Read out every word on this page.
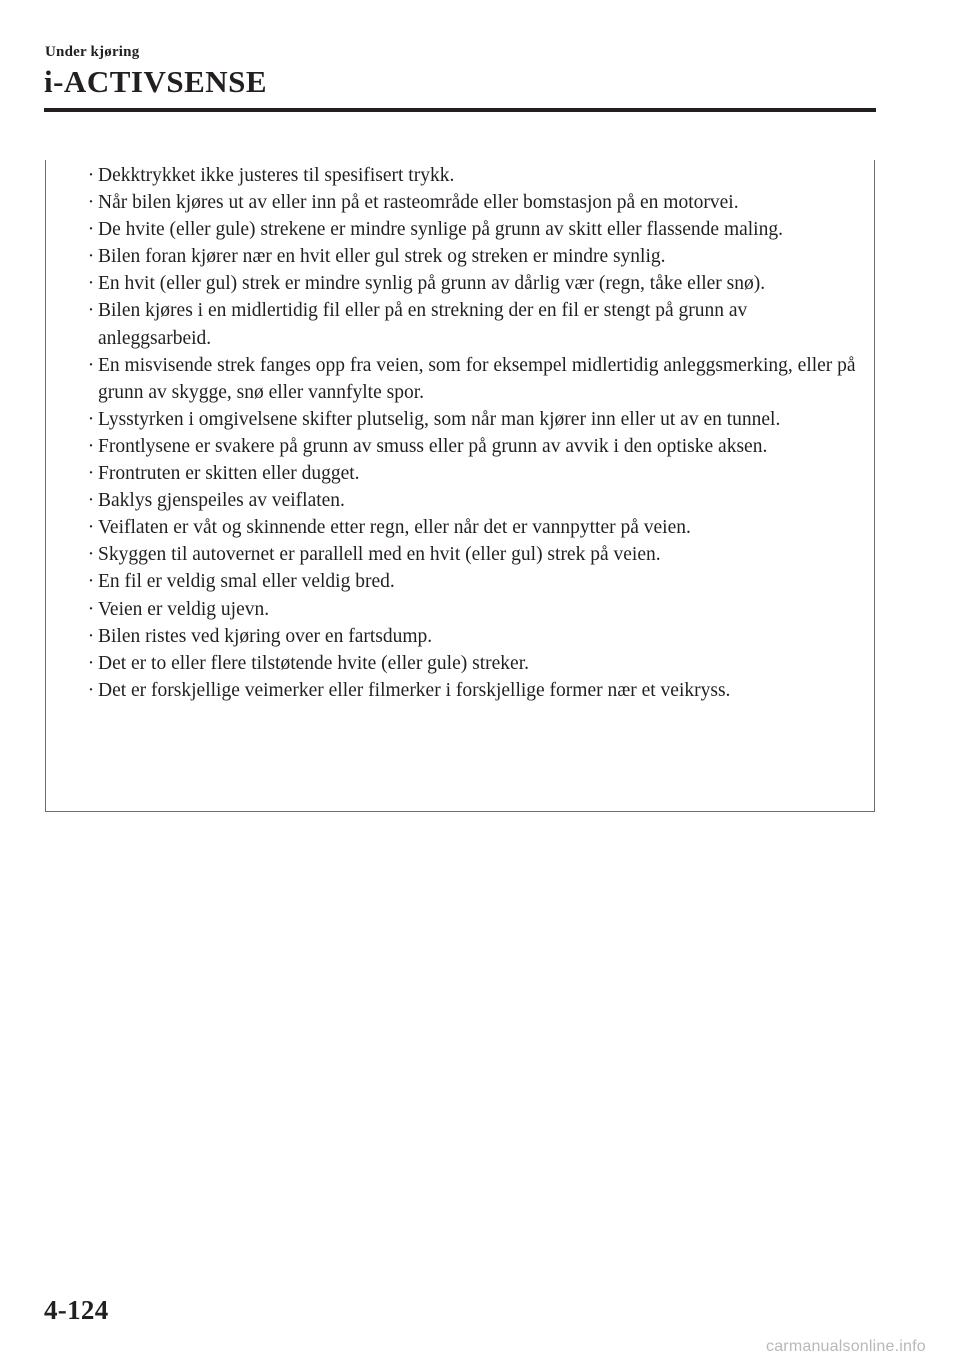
Under kjøring
i-ACTIVSENSE
· Dekktrykket ikke justeres til spesifisert trykk.
· Når bilen kjøres ut av eller inn på et rasteområde eller bomstasjon på en motorvei.
· De hvite (eller gule) strekene er mindre synlige på grunn av skitt eller flassende maling.
· Bilen foran kjører nær en hvit eller gul strek og streken er mindre synlig.
· En hvit (eller gul) strek er mindre synlig på grunn av dårlig vær (regn, tåke eller snø).
· Bilen kjøres i en midlertidig fil eller på en strekning der en fil er stengt på grunn av anleggsarbeid.
· En misvisende strek fanges opp fra veien, som for eksempel midlertidig anleggsmerking, eller på grunn av skygge, snø eller vannfylte spor.
· Lysstyrken i omgivelsene skifter plutselig, som når man kjører inn eller ut av en tunnel.
· Frontlysene er svakere på grunn av smuss eller på grunn av avvik i den optiske aksen.
· Frontruten er skitten eller dugget.
· Baklys gjenspeiles av veiflaten.
· Veiflaten er våt og skinnende etter regn, eller når det er vannpytter på veien.
· Skyggen til autovernet er parallell med en hvit (eller gul) strek på veien.
· En fil er veldig smal eller veldig bred.
· Veien er veldig ujevn.
· Bilen ristes ved kjøring over en fartsdump.
· Det er to eller flere tilstøtende hvite (eller gule) streker.
· Det er forskjellige veimerker eller filmerker i forskjellige former nær et veikryss.
4-124
carmanualsonline.info
